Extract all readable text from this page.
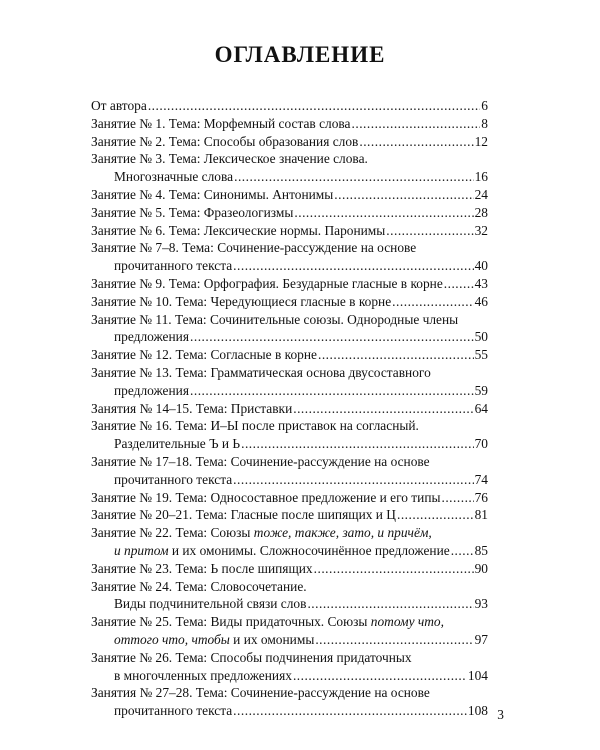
ОГЛАВЛЕНИЕ
От автора .....	6
Занятие № 1. Тема: Морфемный состав слова .....	8
Занятие № 2. Тема: Способы образования слов .....	12
Занятие № 3. Тема: Лексическое значение слова.
Многозначные слова .....	16
Занятие № 4. Тема: Синонимы. Антонимы .....	24
Занятие № 5. Тема: Фразеологизмы .....	28
Занятие № 6. Тема: Лексические нормы. Паронимы .....	32
Занятие № 7–8. Тема: Сочинение-рассуждение на основе
прочитанного текста .....	40
Занятие № 9. Тема: Орфография. Безударные гласные в корне ..... 43
Занятие № 10. Тема: Чередующиеся гласные в корне .....	46
Занятие № 11. Тема: Сочинительные союзы. Однородные члены
предложения .....	50
Занятие № 12. Тема: Согласные в корне .....	55
Занятие № 13. Тема: Грамматическая основа двусоставного
предложения .....	59
Занятия № 14–15. Тема: Приставки .....	64
Занятие № 16. Тема: И–Ы после приставок на согласный.
Разделительные Ъ и Ь .....	70
Занятие № 17–18. Тема: Сочинение-рассуждение на основе
прочитанного текста .....	74
Занятие № 19. Тема: Односоставное предложение и его типы .....	76
Занятие № 20–21. Тема: Гласные после шипящих и Ц .....	81
Занятие № 22. Тема: Союзы тоже, также, зато, и причём,
и притом и их омонимы. Сложносочинённое предложение ..... 85
Занятие № 23. Тема: Ь после шипящих .....	90
Занятие № 24. Тема: Словосочетание.
Виды подчинительной связи слов .....	93
Занятие № 25. Тема: Виды придаточных. Союзы потому что,
оттого что, чтобы и их омонимы .....	97
Занятие № 26. Тема: Способы подчинения придаточных
в многочленных предложениях .....	104
Занятия № 27–28. Тема: Сочинение-рассуждение на основе
прочитанного текста .....	108 3
